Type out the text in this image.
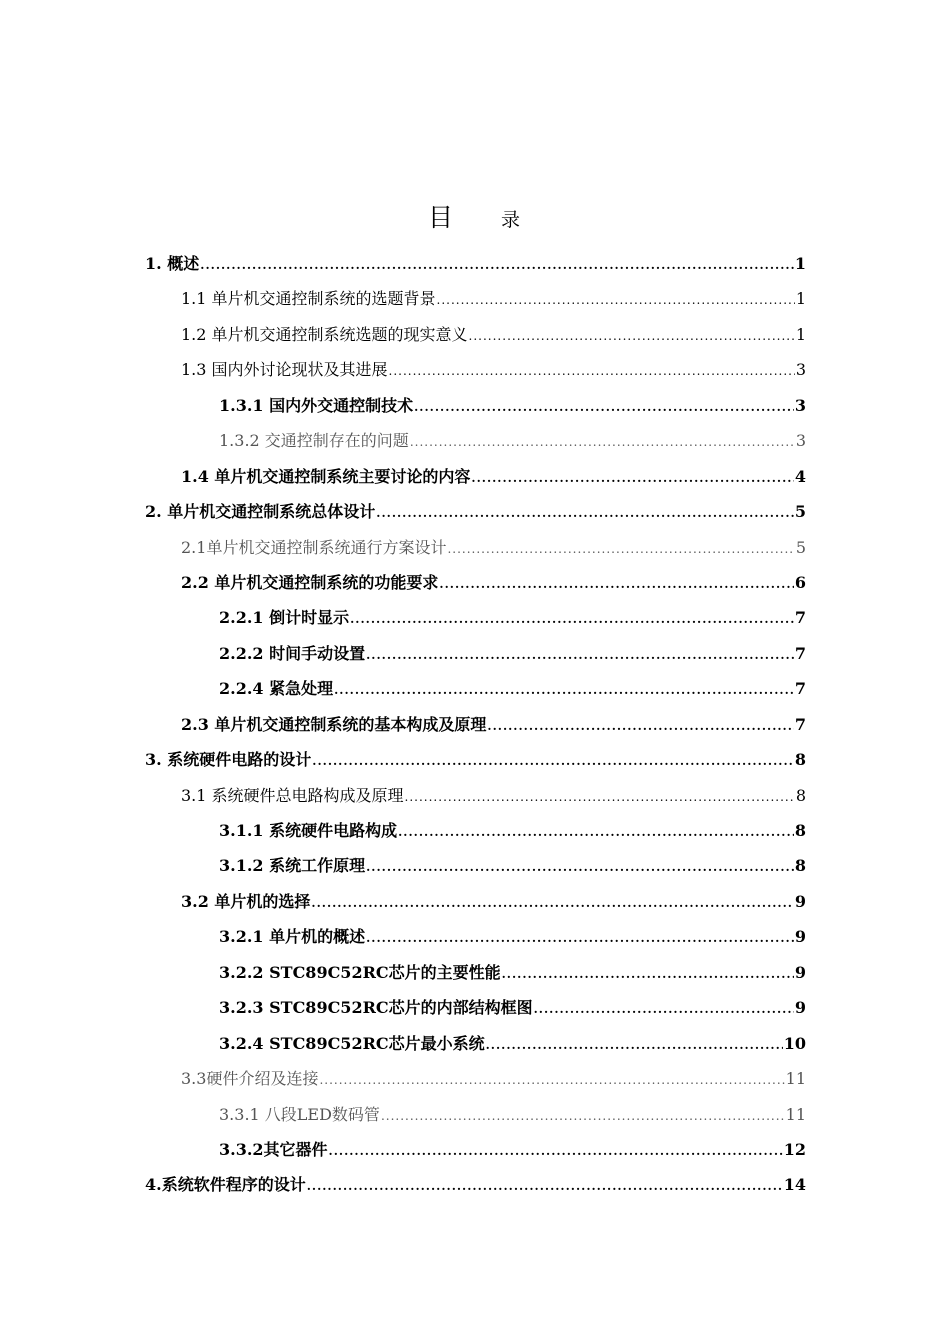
目 录
1. 概述 .....	1
1.1 单片机交通控制系统的选题背景 .....	1
1.2 单片机交通控制系统选题的现实意义 .....	1
1.3 国内外讨论现状及其进展 .....	3
1.3.1 国内外交通控制技术 .....	3
1.3.2 交通控制存在的问题 .....	3
1.4 单片机交通控制系统主要讨论的内容 .....	4
2. 单片机交通控制系统总体设计 .....	5
2.1单片机交通控制系统通行方案设计 .....	5
2.2 单片机交通控制系统的功能要求 .....	6
2.2.1 倒计时显示 .....	7
2.2.2 时间手动设置 .....	7
2.2.4 紧急处理 .....	7
2.3 单片机交通控制系统的基本构成及原理 .....	7
3. 系统硬件电路的设计 .....	8
3.1 系统硬件总电路构成及原理 .....	8
3.1.1 系统硬件电路构成 .....	8
3.1.2 系统工作原理 .....	8
3.2 单片机的选择 .....	9
3.2.1 单片机的概述 .....	9
3.2.2 STC89C52RC芯片的主要性能 .....	9
3.2.3 STC89C52RC芯片的内部结构框图 .....	9
3.2.4 STC89C52RC芯片最小系统 .....	10
3.3硬件介绍及连接 .....	11
3.3.1 八段LED数码管 .....	11
3.3.2其它器件 .....	12
4.系统软件程序的设计 .....	14
